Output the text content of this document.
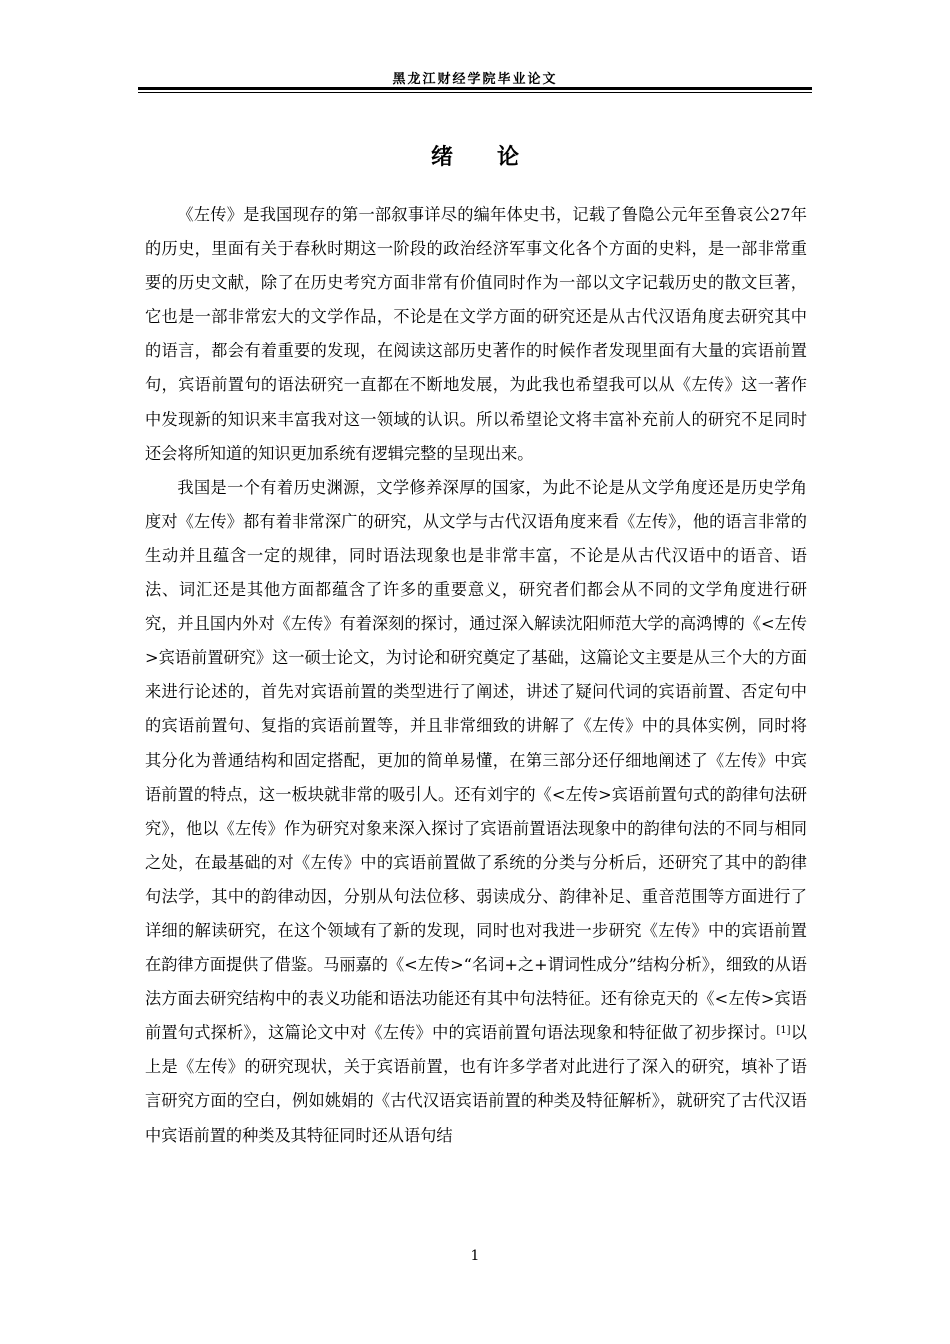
黑龙江财经学院毕业论文
绪论

《左传》是我国现存的第一部叙事详尽的编年体史书，记载了鲁隐公元年至鲁哀公27年的历史，里面有关于春秋时期这一阶段的政治经济军事文化各个方面的史料，是一部非常重要的历史文献，除了在历史考究方面非常有价值同时作为一部以文字记载历史的散文巨著，它也是一部非常宏大的文学作品，不论是在文学方面的研究还是从古代汉语角度去研究其中的语言，都会有着重要的发现，在阅读这部历史著作的时候作者发现里面有大量的宾语前置句，宾语前置句的语法研究一直都在不断地发展，为此我也希望我可以从《左传》这一著作中发现新的知识来丰富我对这一领域的认识。所以希望论文将丰富补充前人的研究不足同时还会将所知道的知识更加系统有逻辑完整的呈现出来。

我国是一个有着历史渊源，文学修养深厚的国家，为此不论是从文学角度还是历史学角度对《左传》都有着非常深广的研究，从文学与古代汉语角度来看《左传》，他的语言非常的生动并且蕴含一定的规律，同时语法现象也是非常丰富，不论是从古代汉语中的语音、语法、词汇还是其他方面都蕴含了许多的重要意义，研究者们都会从不同的文学角度进行研究，并且国内外对《左传》有着深刻的探讨，通过深入解读沈阳师范大学的高鸿博的《<左传>宾语前置研究》这一硕士论文，为讨论和研究奠定了基础，这篇论文主要是从三个大的方面来进行论述的，首先对宾语前置的类型进行了阐述，讲述了疑问代词的宾语前置、否定句中的宾语前置句、复指的宾语前置等，并且非常细致的讲解了《左传》中的具体实例，同时将其分化为普通结构和固定搭配，更加的简单易懂，在第三部分还仔细地阐述了《左传》中宾语前置的特点，这一板块就非常的吸引人。还有刘宇的《<左传>宾语前置句式的韵律句法研究》，他以《左传》作为研究对象来深入探讨了宾语前置语法现象中的韵律句法的不同与相同之处，在最基础的对《左传》中的宾语前置做了系统的分类与分析后，还研究了其中的韵律句法学，其中的韵律动因，分别从句法位移、弱读成分、韵律补足、重音范围等方面进行了详细的解读研究，在这个领域有了新的发现，同时也对我进一步研究《左传》中的宾语前置在韵律方面提供了借鉴。马丽嘉的《<左传>“名词+之+谓词性成分”结构分析》，细致的从语法方面去研究结构中的表义功能和语法功能还有其中句法特征。还有徐克天的《<左传>宾语前置句式探析》，这篇论文中对《左传》中的宾语前置句语法现象和特征做了初步探讨。[1]以上是《左传》的研究现状，关于宾语前置，也有许多学者对此进行了深入的研究，填补了语言研究方面的空白，例如姚娟的《古代汉语宾语前置的种类及特征解析》，就研究了古代汉语中宾语前置的种类及其特征同时还从语句结

1
